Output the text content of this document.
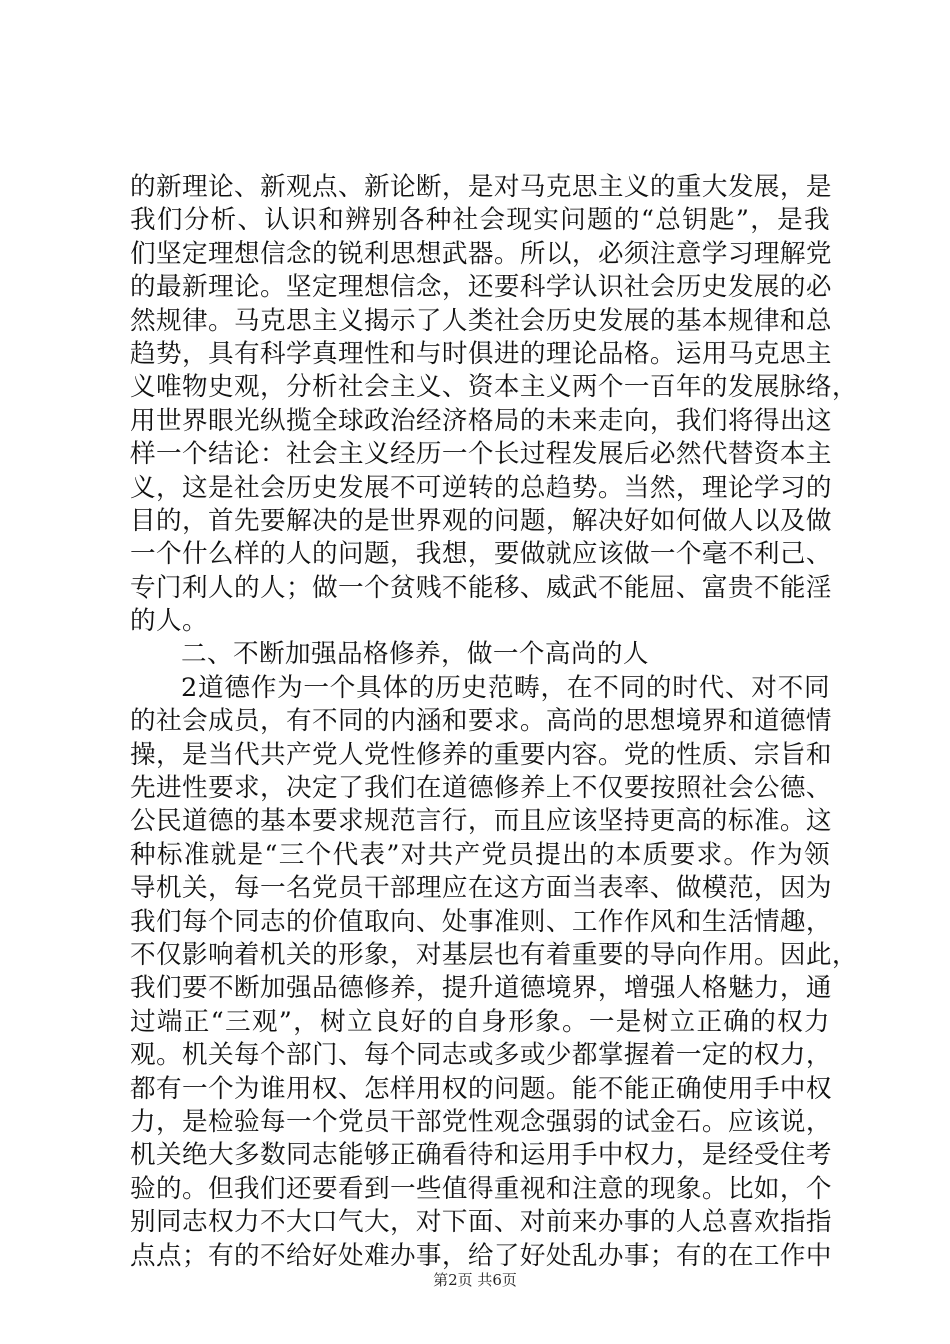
的新理论、新观点、新论断，是对马克思主义的重大发展，是
我们分析、认识和辨别各种社会现实问题的“总钥匙”，是我
们坚定理想信念的锐利思想武器。所以，必须注意学习理解党
的最新理论。坚定理想信念，还要科学认识社会历史发展的必
然规律。马克思主义揭示了人类社会历史发展的基本规律和总
趋势，具有科学真理性和与时俱进的理论品格。运用马克思主
义唯物史观，分析社会主义、资本主义两个一百年的发展脉络，
用世界眼光纵揽全球政治经济格局的未来走向，我们将得出这
样一个结论：社会主义经历一个长过程发展后必然代替资本主
义，这是社会历史发展不可逆转的总趋势。当然，理论学习的
目的，首先要解决的是世界观的问题，解决好如何做人以及做
一个什么样的人的问题，我想，要做就应该做一个毫不利己、
专门利人的人；做一个贫贱不能移、威武不能屈、富贵不能淫
的人。
二、不断加强品格修养，做一个高尚的人
2道德作为一个具体的历史范畴，在不同的时代、对不同
的社会成员，有不同的内涵和要求。高尚的思想境界和道德情
操，是当代共产党人党性修养的重要内容。党的性质、宗旨和
先进性要求，决定了我们在道德修养上不仅要按照社会公德、
公民道德的基本要求规范言行，而且应该坚持更高的标准。这
种标准就是“三个代表”对共产党员提出的本质要求。作为领
导机关，每一名党员干部理应在这方面当表率、做模范，因为
我们每个同志的价值取向、处事准则、工作作风和生活情趣，
不仅影响着机关的形象，对基层也有着重要的导向作用。因此，
我们要不断加强品德修养，提升道德境界，增强人格魅力，通
过端正“三观”，树立良好的自身形象。一是树立正确的权力
观。机关每个部门、每个同志或多或少都掌握着一定的权力，
都有一个为谁用权、怎样用权的问题。能不能正确使用手中权
力，是检验每一个党员干部党性观念强弱的试金石。应该说，
机关绝大多数同志能够正确看待和运用手中权力，是经受住考
验的。但我们还要看到一些值得重视和注意的现象。比如，个
别同志权力不大口气大，对下面、对前来办事的人总喜欢指指
点点；有的不给好处难办事，给了好处乱办事；有的在工作中
第2页 共6页
